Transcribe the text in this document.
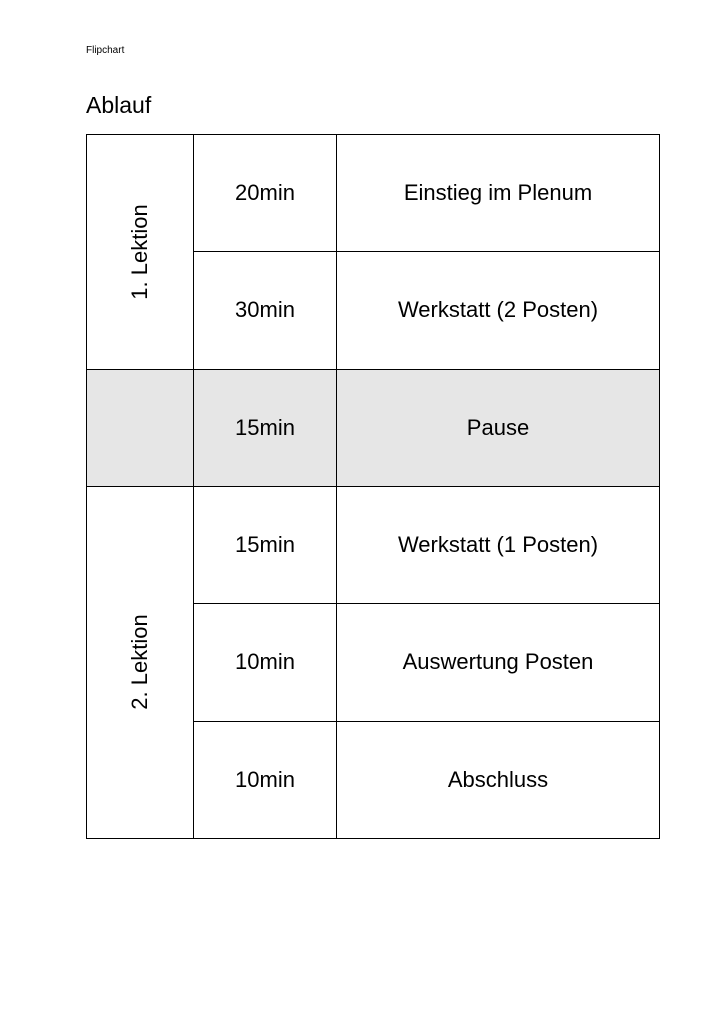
Flipchart
Ablauf
1. Lektion	20min	Einstieg im Plenum
	30min	Werkstatt (2 Posten)
	15min	Pause

2. Lektion	15min	Werkstatt (1 Posten)
	10min	Auswertung Posten
	10min	Abschluss
